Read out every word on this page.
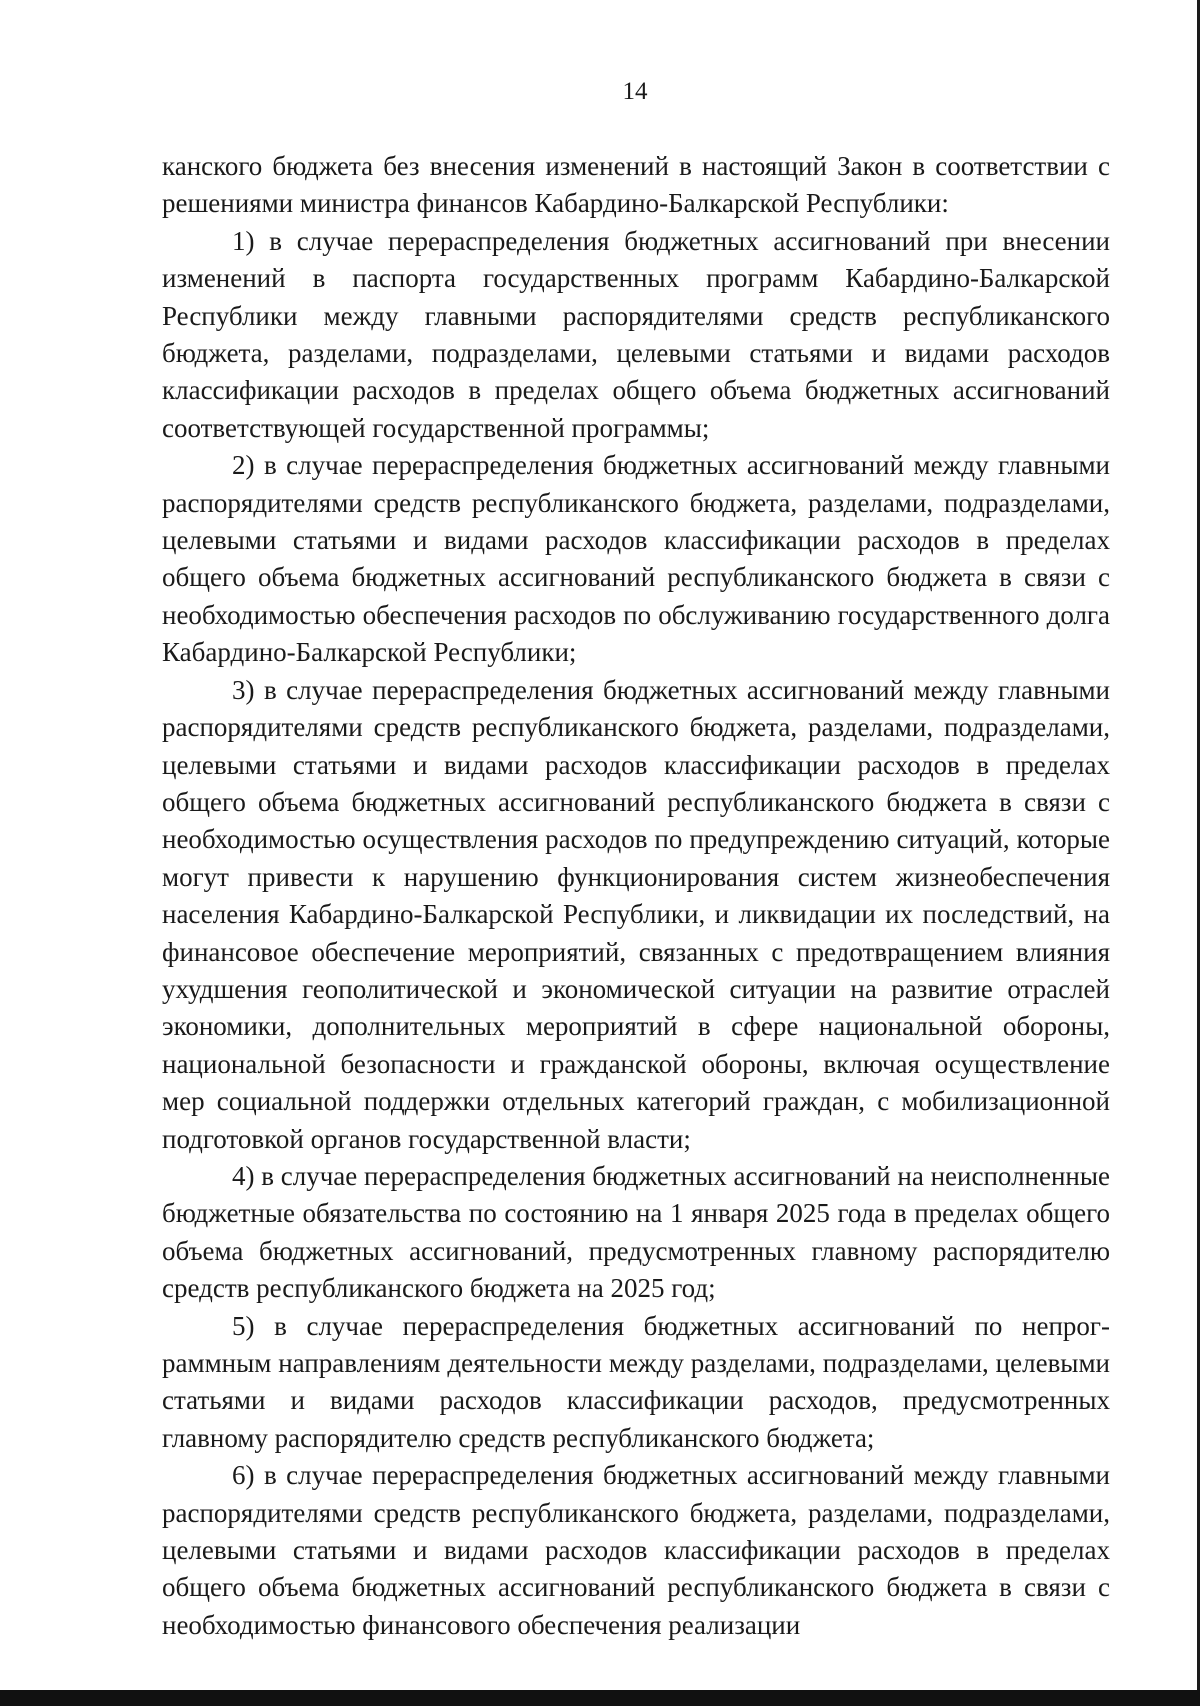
14

канского бюджета без внесения изменений в настоящий Закон в соответствии с решениями министра финансов Кабардино-Балкарской Республики:

1) в случае перераспределения бюджетных ассигнований при внесении изменений в паспорта государственных программ Кабардино-Балкарской Республики между главными распорядителями средств республиканского бюджета, разделами, подразделами, целевыми статьями и видами расходов классификации расходов в пределах общего объема бюджетных ассигнований соответствующей государственной программы;

2) в случае перераспределения бюджетных ассигнований между главными распорядителями средств республиканского бюджета, разделами, подразделами, целевыми статьями и видами расходов классификации расходов в пределах общего объема бюджетных ассигнований республиканского бюджета в связи с необходимостью обеспечения расходов по обслуживанию государственного долга Кабардино-Балкарской Республики;

3) в случае перераспределения бюджетных ассигнований между главными распорядителями средств республиканского бюджета, разделами, подразделами, целевыми статьями и видами расходов классификации расходов в пределах общего объема бюджетных ассигнований республиканского бюджета в связи с необходимостью осуществления расходов по предупреждению ситуаций, которые могут привести к нарушению функционирования систем жизнеобеспечения населения Кабардино-Балкарской Республики, и ликвидации их последствий, на финансовое обеспечение мероприятий, связанных с предотвращением влияния ухудшения геополитической и экономической ситуации на развитие отраслей экономики, дополнительных мероприятий в сфере национальной обороны, национальной безопасности и гражданской обороны, включая осуществление мер социальной поддержки отдельных категорий граждан, с мобилизационной подготовкой органов государственной власти;

4) в случае перераспределения бюджетных ассигнований на неисполненные бюджетные обязательства по состоянию на 1 января 2025 года в пределах общего объема бюджетных ассигнований, предусмотренных главному распорядителю средств республиканского бюджета на 2025 год;

5) в случае перераспределения бюджетных ассигнований по непрограммным направлениям деятельности между разделами, подразделами, целевыми статьями и видами расходов классификации расходов, предусмотренных главному распорядителю средств республиканского бюджета;

6) в случае перераспределения бюджетных ассигнований между главными распорядителями средств республиканского бюджета, разделами, подразделами, целевыми статьями и видами расходов классификации расходов в пределах общего объема бюджетных ассигнований республиканского бюджета в связи с необходимостью финансового обеспечения реализации
